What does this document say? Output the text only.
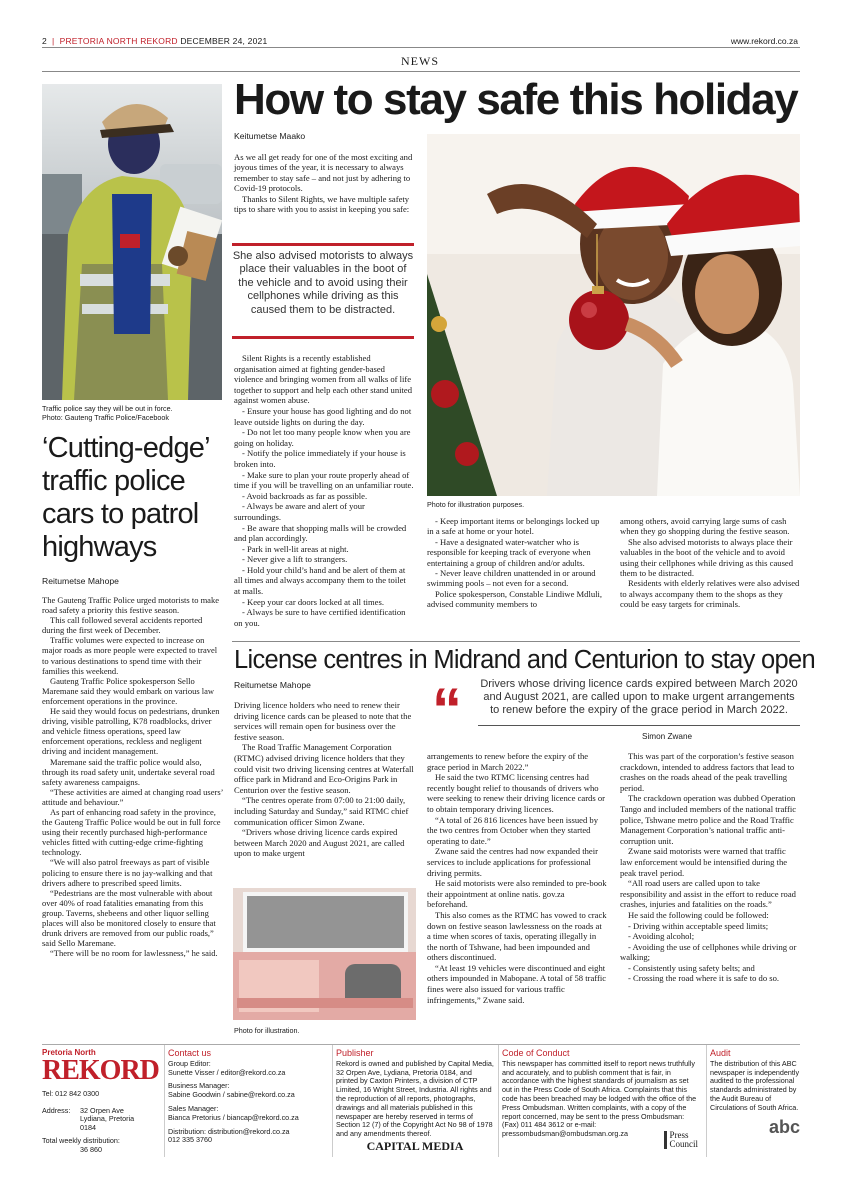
2  |  PRETORIA NORTH REKORD DECEMBER 24, 2021	www.rekord.co.za
NEWS
Traffic police say they will be out in force.
Photo: Gauteng Traffic Police/Facebook
‘Cutting-edge’ traffic police cars to patrol highways
Reitumetse Mahope

The Gauteng Traffic Police urged motorists to make road safety a priority this festive season.

This call followed several accidents reported during the first week of December.

Traffic volumes were expected to increase on major roads as more people were expected to travel to various destinations to spend time with their families this weekend.

Gauteng Traffic Police spokesperson Sello Maremane said they would embark on various law enforcement operations in the province.

He said they would focus on pedestrians, drunken driving, visible patrolling, K78 roadblocks, driver and vehicle fitness operations, speed law enforcement operations, reckless and negligent driving and incident management.

Maremane said the traffic police would also, through its road safety unit, undertake several road safety awareness campaigns.

“These activities are aimed at changing road users’ attitude and behaviour.”

As part of enhancing road safety in the province, the Gauteng Traffic Police would be out in full force using their recently purchased high-performance vehicles fitted with cutting-edge crime-fighting technology.

“We will also patrol freeways as part of visible policing to ensure there is no jay-walking and that drivers adhere to prescribed speed limits.

“Pedestrians are the most vulnerable with about over 40% of road fatalities emanating from this group. Taverns, shebeens and other liquor selling places will also be monitored closely to ensure that drunk drivers are removed from our public roads,” said Sello Maremane.

“There will be no room for lawlessness,” he said.

How to stay safe this holiday
Keitumetse Maako

As we all get ready for one of the most exciting and joyous times of the year, it is necessary to always remember to stay safe – and not just by adhering to Covid-19 protocols.

Thanks to Silent Rights, we have multiple safety tips to share with you to assist in keeping you safe:

She also advised motorists to always place their valuables in the boot of the vehicle and to avoid using their cellphones while driving as this caused them to be distracted.

Silent Rights is a recently established organisation aimed at fighting gender-based violence and bringing women from all walks of life together to support and help each other stand united against women abuse.

- Ensure your house has good lighting and do not leave outside lights on during the day.

- Do not let too many people know when you are going on holiday.

- Notify the police immediately if your house is broken into.

- Make sure to plan your route properly ahead of time if you will be travelling on an unfamiliar route.

- Avoid backroads as far as possible.

- Always be aware and alert of your surroundings.

- Be aware that shopping malls will be crowded and plan accordingly.

- Park in well-lit areas at night.

- Never give a lift to strangers.

- Hold your child’s hand and be alert of them at all times and always accompany them to the toilet at malls.

- Keep your car doors locked at all times.

- Always be sure to have certified identification on you.

Photo for illustration purposes.

- Keep important items or belongings locked up in a safe at home or your hotel.

- Have a designated water-watcher who is responsible for keeping track of everyone when entertaining a group of children and/or adults.

- Never leave children unattended in or around swimming pools – not even for a second.

Police spokesperson, Constable Lindiwe Mdluli, advised community members to

among others, avoid carrying large sums of cash when they go shopping during the festive season.

She also advised motorists to always place their valuables in the boot of the vehicle and to avoid using their cellphones while driving as this caused them to be distracted.

Residents with elderly relatives were also advised to always accompany them to the shops as they could be easy targets for criminals.

License centres in Midrand and Centurion to stay open
Reitumetse Mahope

Driving licence holders who need to renew their driving licence cards can be pleased to note that the services will remain open for business over the festive season.

The Road Traffic Management Corporation (RTMC) advised driving licence holders that they could visit two driving licensing centres at Waterfall office park in Midrand and Eco-Origins Park in Centurion over the festive season.

“The centres operate from 07:00 to 21:00 daily, including Saturday and Sunday,” said RTMC chief communication officer Simon Zwane.

“Drivers whose driving licence cards expired between March 2020 and August 2021, are called upon to make urgent

Photo for illustration.

arrangements to renew before the expiry of the grace period in March 2022.”

He said the two RTMC licensing centres had recently bought relief to thousands of drivers who were seeking to renew their driving licence cards or to obtain temporary driving licences.

“A total of 26 816 licences have been issued by the two centres from October when they started operating to date.”

Zwane said the centres had now expanded their services to include applications for professional driving permits.

He said motorists were also reminded to pre-book their appointment at online natis. gov.za beforehand.

This also comes as the RTMC has vowed to crack down on festive season lawlessness on the roads at a time when scores of taxis, operating illegally in the north of Tshwane, had been impounded and others discontinued.

“At least 19 vehicles were discontinued and eight others impounded in Mabopane. A total of 58 traffic fines were also issued for various traffic infringements,” Zwane said.

“ Drivers whose driving licence cards expired between March 2020 and August 2021, are called upon to make urgent arrangements to renew before the expiry of the grace period in March 2022.
Simon Zwane

This was part of the corporation’s festive season crackdown, intended to address factors that lead to crashes on the roads ahead of the peak travelling period.

The crackdown operation was dubbed Operation Tango and included members of the national traffic police, Tshwane metro police and the Road Traffic Management Corporation’s national traffic anti-corruption unit.

Zwane said motorists were warned that traffic law enforcement would be intensified during the peak travel period.

“All road users are called upon to take responsibility and assist in the effort to reduce road crashes, injuries and fatalities on the roads.”

He said the following could be followed:

- Driving within acceptable speed limits;

- Avoiding alcohol;

- Avoiding the use of cellphones while driving or walking;

- Consistently using safety belts; and

- Crossing the road where it is safe to do so.

Pretoria North
REKORD
Tel: 012 842 0300
Address:	32 Orpen Ave
Lydiana, Pretoria
0184
Total weekly distribution:
36 860
Contact us
Group Editor:
Sunette Visser / editor@rekord.co.za
Business Manager:
Sabine Goodwin / sabine@rekord.co.za
Sales Manager:
Bianca Pretorius / biancap@rekord.co.za
Distribution: distribution@rekord.co.za
012 335 3760
Publisher
Rekord is owned and published by Capital Media, 32 Orpen Ave, Lydiana, Pretoria 0184, and printed by Caxton Printers, a division of CTP Limited, 16 Wright Street, Industria. All rights and the reproduction of all reports, photographs, drawings and all materials published in this newspaper are hereby reserved in terms of Section 12 (7) of the Copyright Act No 98 of 1978 and any amendments thereof.
CAPITAL MEDIA
Code of Conduct
This newspaper has committed itself to report news truthfully and accurately, and to publish comment that is fair, in accordance with the highest standards of journalism as set out in the Press Code of South Africa. Complaints that this code has been breached may be lodged with the office of the Press Ombudsman. Written complaints, with a copy of the report concerned, may be sent to the press Ombudsman: (Fax) 011 484 3612 or e-mail: pressombudsman@ombudsman.org.za	Press
Council
Audit
The distribution of this ABC newspaper is independently audited to the professional standards administrated by the Audit Bureau of Circulations of South Africa.
abc
